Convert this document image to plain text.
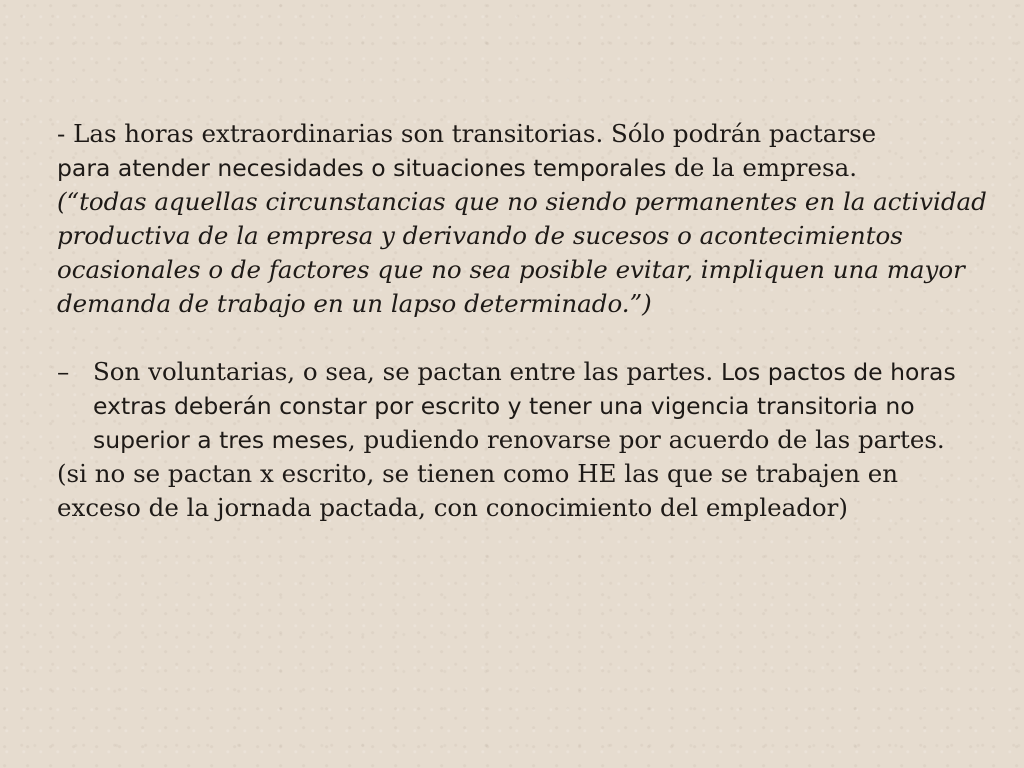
- Las horas extraordinarias son transitorias. Sólo podrán pactarse
para atender necesidades o situaciones temporales de la empresa.
(“todas aquellas circunstancias que no siendo permanentes en la actividad productiva de la empresa y derivando de sucesos o acontecimientos ocasionales o de factores que no sea posible evitar, impliquen una mayor demanda de trabajo en un lapso determinado.”)

– Son voluntarias, o sea, se pactan entre las partes. Los pactos de horas extras deberán constar por escrito y tener una vigencia transitoria no superior a tres meses, pudiendo renovarse por acuerdo de las partes.

(si no se pactan x escrito, se tienen como HE las que se trabajen en exceso de la jornada pactada, con conocimiento del empleador)
